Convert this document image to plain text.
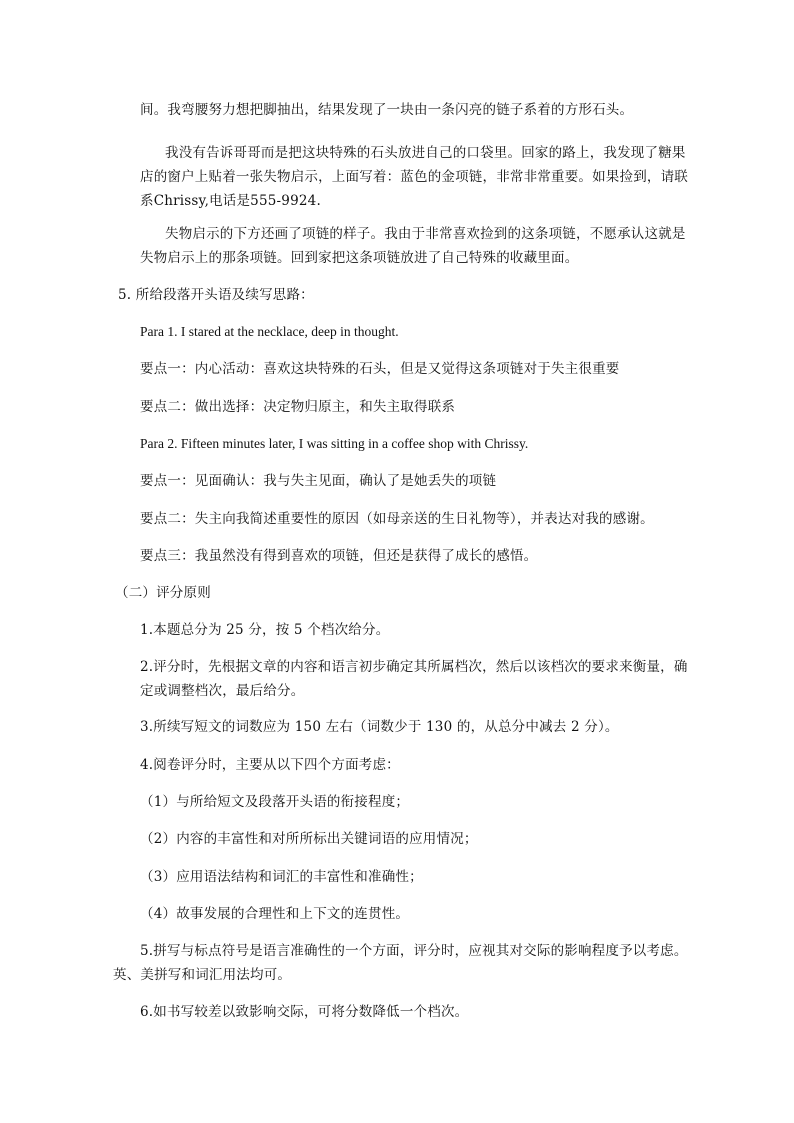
间。我弯腰努力想把脚抽出，结果发现了一块由一条闪亮的链子系着的方形石头。
我没有告诉哥哥而是把这块特殊的石头放进自己的口袋里。回家的路上，我发现了糖果
店的窗户上贴着一张失物启示，上面写着：蓝色的金项链，非常非常重要。如果捡到，请联
系Chrissy,电话是555-9924.
失物启示的下方还画了项链的样子。我由于非常喜欢捡到的这条项链，不愿承认这就是
失物启示上的那条项链。回到家把这条项链放进了自己特殊的收藏里面。
5. 所给段落开头语及续写思路：
Para 1. I stared at the necklace, deep in thought.
要点一：内心活动：喜欢这块特殊的石头，但是又觉得这条项链对于失主很重要
要点二：做出选择：决定物归原主，和失主取得联系
Para 2. Fifteen minutes later, I was sitting in a coffee shop with Chrissy.
要点一：见面确认：我与失主见面，确认了是她丢失的项链
要点二：失主向我简述重要性的原因（如母亲送的生日礼物等），并表达对我的感谢。
要点三：我虽然没有得到喜欢的项链，但还是获得了成长的感悟。
（二）评分原则
1.本题总分为 25 分，按 5 个档次给分。
2.评分时，先根据文章的内容和语言初步确定其所属档次，然后以该档次的要求来衡量，确
定或调整档次，最后给分。
3.所续写短文的词数应为 150 左右（词数少于 130 的，从总分中减去 2 分）。
4.阅卷评分时，主要从以下四个方面考虑：
（1）与所给短文及段落开头语的衔接程度；
（2）内容的丰富性和对所所标出关键词语的应用情况；
（3）应用语法结构和词汇的丰富性和准确性；
（4）故事发展的合理性和上下文的连贯性。
5.拼写与标点符号是语言准确性的一个方面，评分时，应视其对交际的影响程度予以考虑。
英、美拼写和词汇用法均可。
6.如书写较差以致影响交际，可将分数降低一个档次。
